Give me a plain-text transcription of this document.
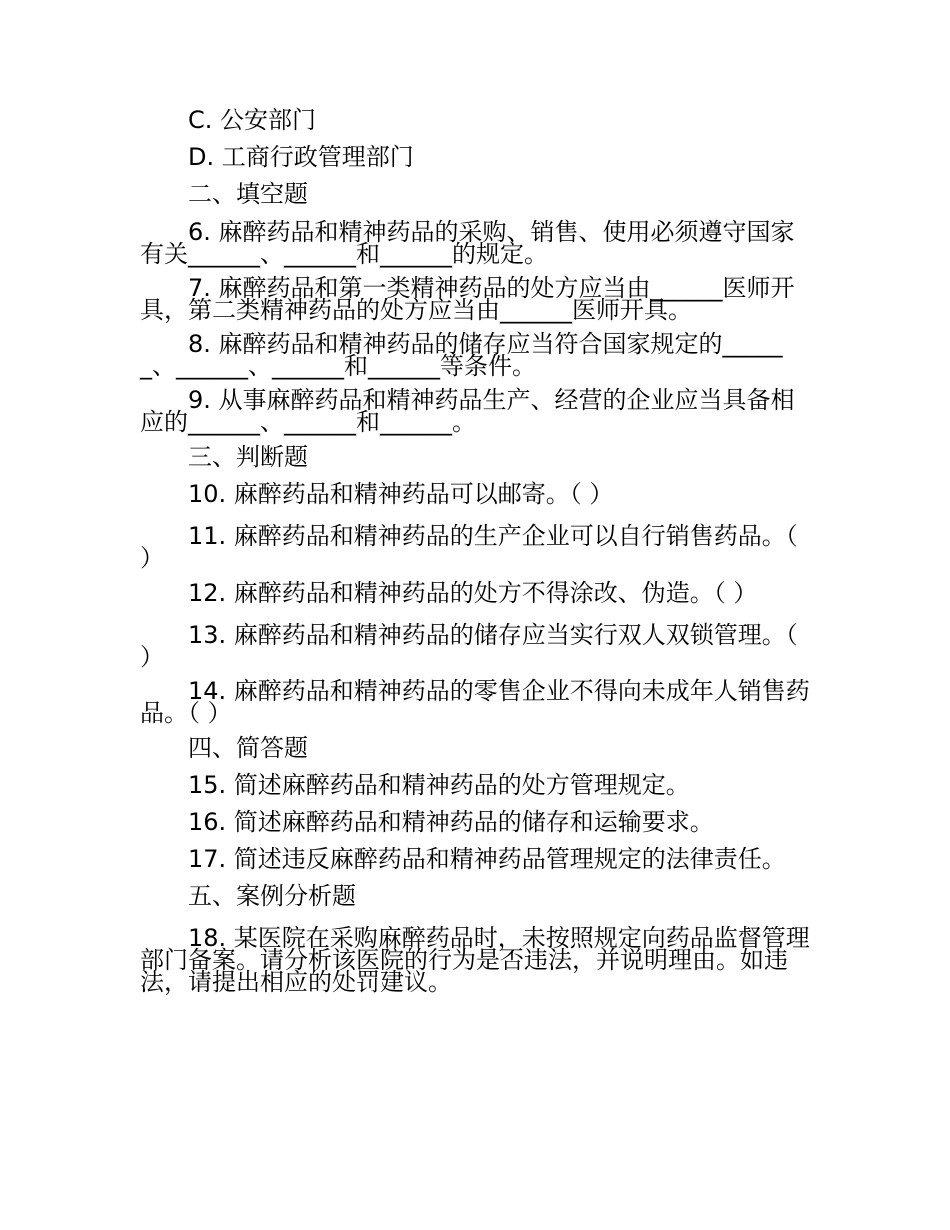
C. 公安部门
D. 工商行政管理部门
二、填空题
6. 麻醉药品和精神药品的采购、销售、使用必须遵守国家有关______、______和______的规定。
7. 麻醉药品和第一类精神药品的处方应当由______医师开具，第二类精神药品的处方应当由______医师开具。
8. 麻醉药品和精神药品的储存应当符合国家规定的______、______、______和______等条件。
9. 从事麻醉药品和精神药品生产、经营的企业应当具备相应的______、______和______。
三、判断题
10. 麻醉药品和精神药品可以邮寄。（ ）
11. 麻醉药品和精神药品的生产企业可以自行销售药品。（ ）
12. 麻醉药品和精神药品的处方不得涂改、伪造。（ ）
13. 麻醉药品和精神药品的储存应当实行双人双锁管理。（ ）
14. 麻醉药品和精神药品的零售企业不得向未成年人销售药品。（ ）
四、简答题
15. 简述麻醉药品和精神药品的处方管理规定。
16. 简述麻醉药品和精神药品的储存和运输要求。
17. 简述违反麻醉药品和精神药品管理规定的法律责任。
五、案例分析题
18. 某医院在采购麻醉药品时，未按照规定向药品监督管理部门备案。请分析该医院的行为是否违法，并说明理由。如违法，请提出相应的处罚建议。
